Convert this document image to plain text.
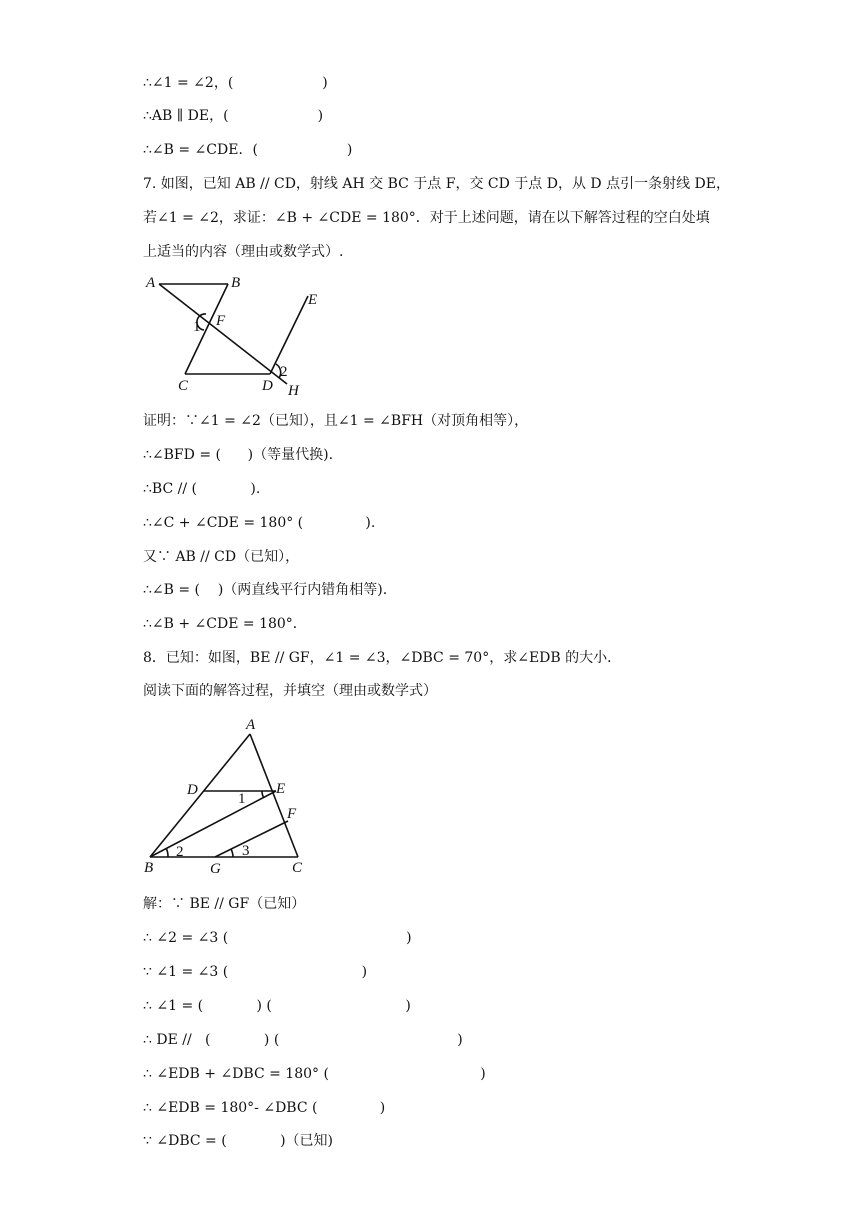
∴∠1 = ∠2，(                    )
∴AB ∥ DE，(                    )
∴∠B = ∠CDE．(                    )
7. 如图，已知 AB // CD，射线 AH 交 BC 于点 F，交 CD 于点 D，从 D 点引一条射线 DE，
若∠1 = ∠2，求证：∠B + ∠CDE = 180°．对于上述问题，请在以下解答过程的空白处填
上适当的内容（理由或数学式）.
A	B
C	D
E
F
H
1
2
证明：∵∠1 = ∠2（已知），且∠1 = ∠BFH（对顶角相等），
∴∠BFD = (      )（等量代换).
∴BC // (            ).
∴∠C + ∠CDE = 180° (              ).
又∵ AB // CD（已知），
∴∠B = (    )（两直线平行内错角相等).
∴∠B + ∠CDE = 180°．
8．已知：如图，BE // GF，∠1 = ∠3，∠DBC = 70°，求∠EDB 的大小．
阅读下面的解答过程，并填空（理由或数学式）
A
B	C
D	E
F
G
1
2	3
解：∵ BE // GF（已知）
∴ ∠2 = ∠3 (                                        )
∵ ∠1 = ∠3 (                              )
∴ ∠1 = (            ) (                              )
∴ DE //   (            ) (                                        )
∴ ∠EDB + ∠DBC = 180° (                                  )
∴ ∠EDB = 180°- ∠DBC (              )
∵ ∠DBC = (            )（已知)
